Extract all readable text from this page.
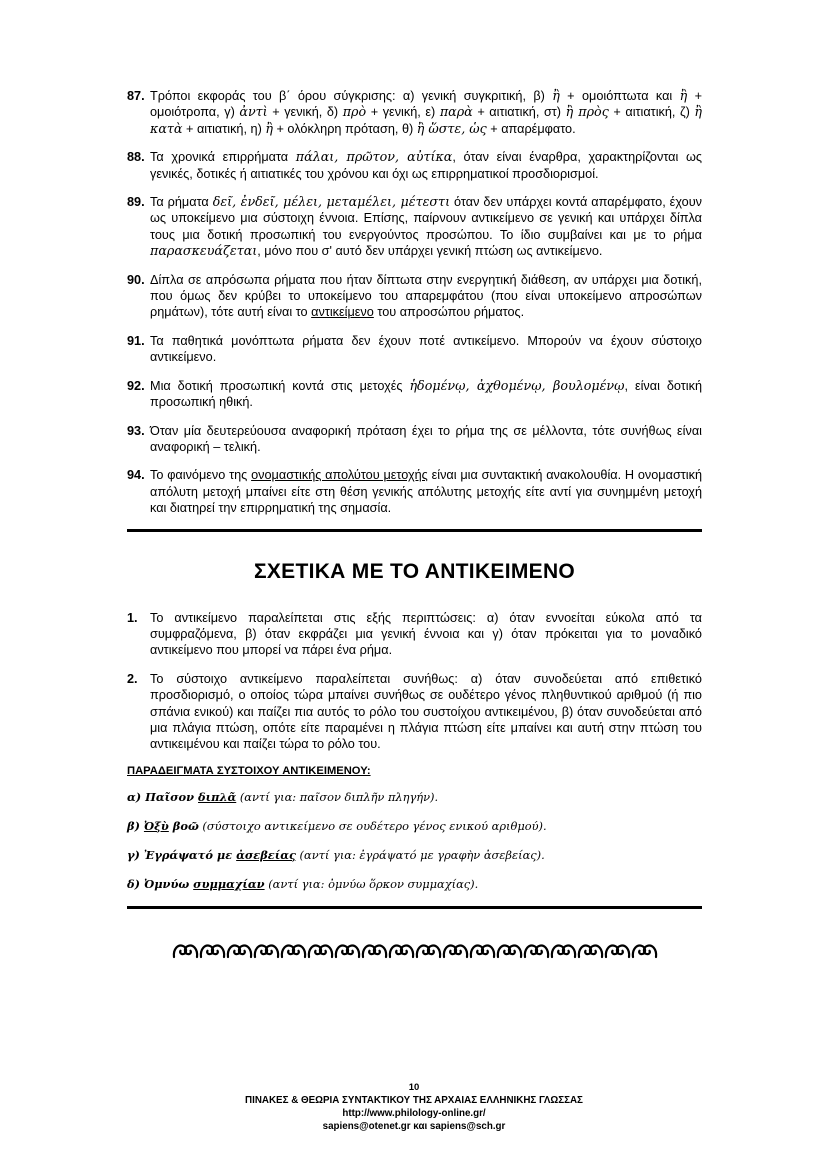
87. Τρόποι εκφοράς του β΄ όρου σύγκρισης: α) γενική συγκριτική, β) ἢ + ομοιόπτωτα και ἢ + ομοιότροπα, γ) ἀντὶ + γενική, δ) πρὸ + γενική, ε) παρὰ + αιτιατική, στ) ἢ πρὸς + αιτιατική, ζ) ἢ κατὰ + αιτιατική, η) ἢ + ολόκληρη πρόταση, θ) ἢ ὥστε, ὡς + απαρέμφατο.
88. Τα χρονικά επιρρήματα πάλαι, πρῶτον, αὐτίκα, όταν είναι έναρθρα, χαρακτηρίζονται ως γενικές, δοτικές ή αιτιατικές του χρόνου και όχι ως επιρρηματικοί προσδιορισμοί.
89. Τα ρήματα δεῖ, ἐνδεῖ, μέλει, μεταμέλει, μέτεστι όταν δεν υπάρχει κοντά απαρέμφατο, έχουν ως υποκείμενο μια σύστοιχη έννοια. Επίσης, παίρνουν αντικείμενο σε γενική και υπάρχει δίπλα τους μια δοτική προσωπική του ενεργούντος προσώπου. Το ίδιο συμβαίνει και με το ρήμα παρασκευάζεται, μόνο που σ' αυτό δεν υπάρχει γενική πτώση ως αντικείμενο.
90. Δίπλα σε απρόσωπα ρήματα που ήταν δίπτωτα στην ενεργητική διάθεση, αν υπάρχει μια δοτική, που όμως δεν κρύβει το υποκείμενο του απαρεμφάτου (που είναι υποκείμενο απροσώπων ρημάτων), τότε αυτή είναι το αντικείμενο του απροσώπου ρήματος.
91. Τα παθητικά μονόπτωτα ρήματα δεν έχουν ποτέ αντικείμενο. Μπορούν να έχουν σύστοιχο αντικείμενο.
92. Μια δοτική προσωπική κοντά στις μετοχές ἡδομένῳ, ἀχθομένῳ, βουλομένῳ, είναι δοτική προσωπική ηθική.
93. Όταν μία δευτερεύουσα αναφορική πρόταση έχει το ρήμα της σε μέλλοντα, τότε συνήθως είναι αναφορική – τελική.
94. Το φαινόμενο της ονομαστικής απολύτου μετοχής είναι μια συντακτική ανακολουθία. Η ονομαστική απόλυτη μετοχή μπαίνει είτε στη θέση γενικής απόλυτης μετοχής είτε αντί για συνημμένη μετοχή και διατηρεί την επιρρηματική της σημασία.
ΣΧΕΤΙΚΑ ΜΕ ΤΟ ΑΝΤΙΚΕΙΜΕΝΟ
1. Το αντικείμενο παραλείπεται στις εξής περιπτώσεις: α) όταν εννοείται εύκολα από τα συμφραζόμενα, β) όταν εκφράζει μια γενική έννοια και γ) όταν πρόκειται για το μοναδικό αντικείμενο που μπορεί να πάρει ένα ρήμα.
2. Το σύστοιχο αντικείμενο παραλείπεται συνήθως: α) όταν συνοδεύεται από επιθετικό προσδιορισμό, ο οποίος τώρα μπαίνει συνήθως σε ουδέτερο γένος πληθυντικού αριθμού (ή πιο σπάνια ενικού) και παίζει πια αυτός το ρόλο του συστοίχου αντικειμένου, β) όταν συνοδεύεται από μια πλάγια πτώση, οπότε είτε παραμένει η πλάγια πτώση είτε μπαίνει και αυτή στην πτώση του αντικειμένου και παίζει τώρα το ρόλο του.
ΠΑΡΑΔΕΙΓΜΑΤΑ ΣΥΣΤΟΙΧΟΥ ΑΝΤΙΚΕΙΜΕΝΟΥ:
α) Παῖσον διπλᾶ (αντί για: παῖσον διπλῆν πληγήν).
β) Ὀξὺ βοῶ (σύστοιχο αντικείμενο σε ουδέτερο γένος ενικού αριθμού).
γ) Ἐγράψατό με ἀσεβείας (αντί για: ἐγράψατό με γραφὴν ἀσεβείας).
δ) Ὀμνύω συμμαχίαν (αντί για: ὀμνύω ὅρκον συμμαχίας).
10
ΠΙΝΑΚΕΣ & ΘΕΩΡΙΑ ΣΥΝΤΑΚΤΙΚΟΥ ΤΗΣ ΑΡΧΑΙΑΣ ΕΛΛΗΝΙΚΗΣ ΓΛΩΣΣΑΣ
http://www.philology-online.gr/
sapiens@otenet.gr και sapiens@sch.gr
